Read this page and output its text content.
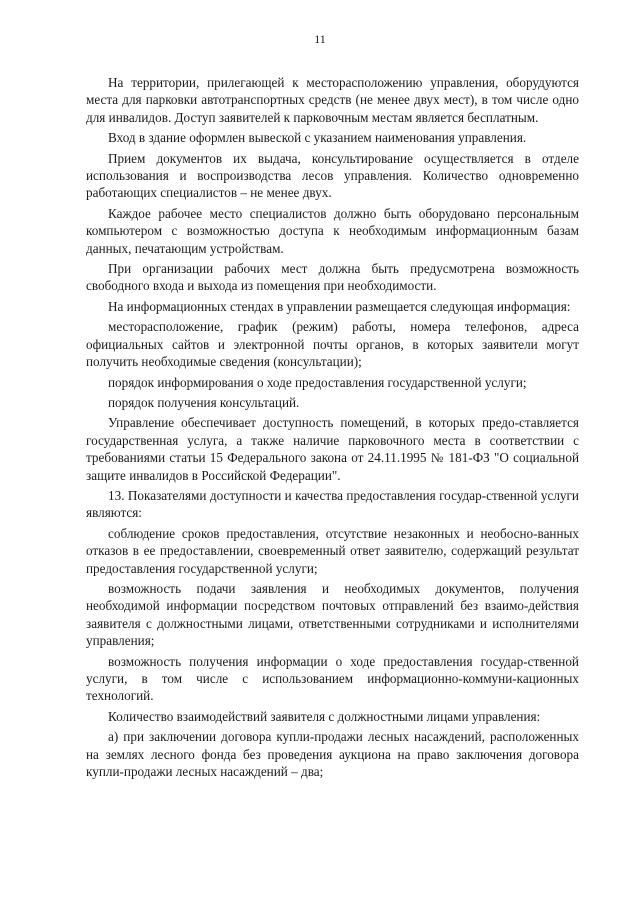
11

На территории, прилегающей к месторасположению управления, оборудуются места для парковки автотранспортных средств (не менее двух мест), в том числе одно для инвалидов. Доступ заявителей к парковочным местам является бесплатным.

Вход в здание оформлен вывеской с указанием наименования управления.

Прием документов их выдача, консультирование осуществляется в отделе использования и воспроизводства лесов управления. Количество одновременно работающих специалистов – не менее двух.

Каждое рабочее место специалистов должно быть оборудовано персональным компьютером с возможностью доступа к необходимым информационным базам данных, печатающим устройствам.

При организации рабочих мест должна быть предусмотрена возможность свободного входа и выхода из помещения при необходимости.

На информационных стендах в управлении размещается следующая информация:

месторасположение, график (режим) работы, номера телефонов, адреса официальных сайтов и электронной почты органов, в которых заявители могут получить необходимые сведения (консультации);

порядок информирования о ходе предоставления государственной услуги;

порядок получения консультаций.

Управление обеспечивает доступность помещений, в которых предо-ставляется государственная услуга, а также наличие парковочного места в соответствии с требованиями статьи 15 Федерального закона от 24.11.1995 № 181-ФЗ "О социальной защите инвалидов в Российской Федерации".

13. Показателями доступности и качества предоставления государ-ственной услуги являются:

соблюдение сроков предоставления, отсутствие незаконных и необосно-ванных отказов в ее предоставлении, своевременный ответ заявителю, содержащий результат предоставления государственной услуги;

возможность подачи заявления и необходимых документов, получения необходимой информации посредством почтовых отправлений без взаимо-действия заявителя с должностными лицами, ответственными сотрудниками и исполнителями управления;

возможность получения информации о ходе предоставления государ-ственной услуги, в том числе с использованием информационно-коммуни-кационных технологий.

Количество взаимодействий заявителя с должностными лицами управления:

а) при заключении договора купли-продажи лесных насаждений, расположенных на землях лесного фонда без проведения аукциона на право заключения договора купли-продажи лесных насаждений – два;
